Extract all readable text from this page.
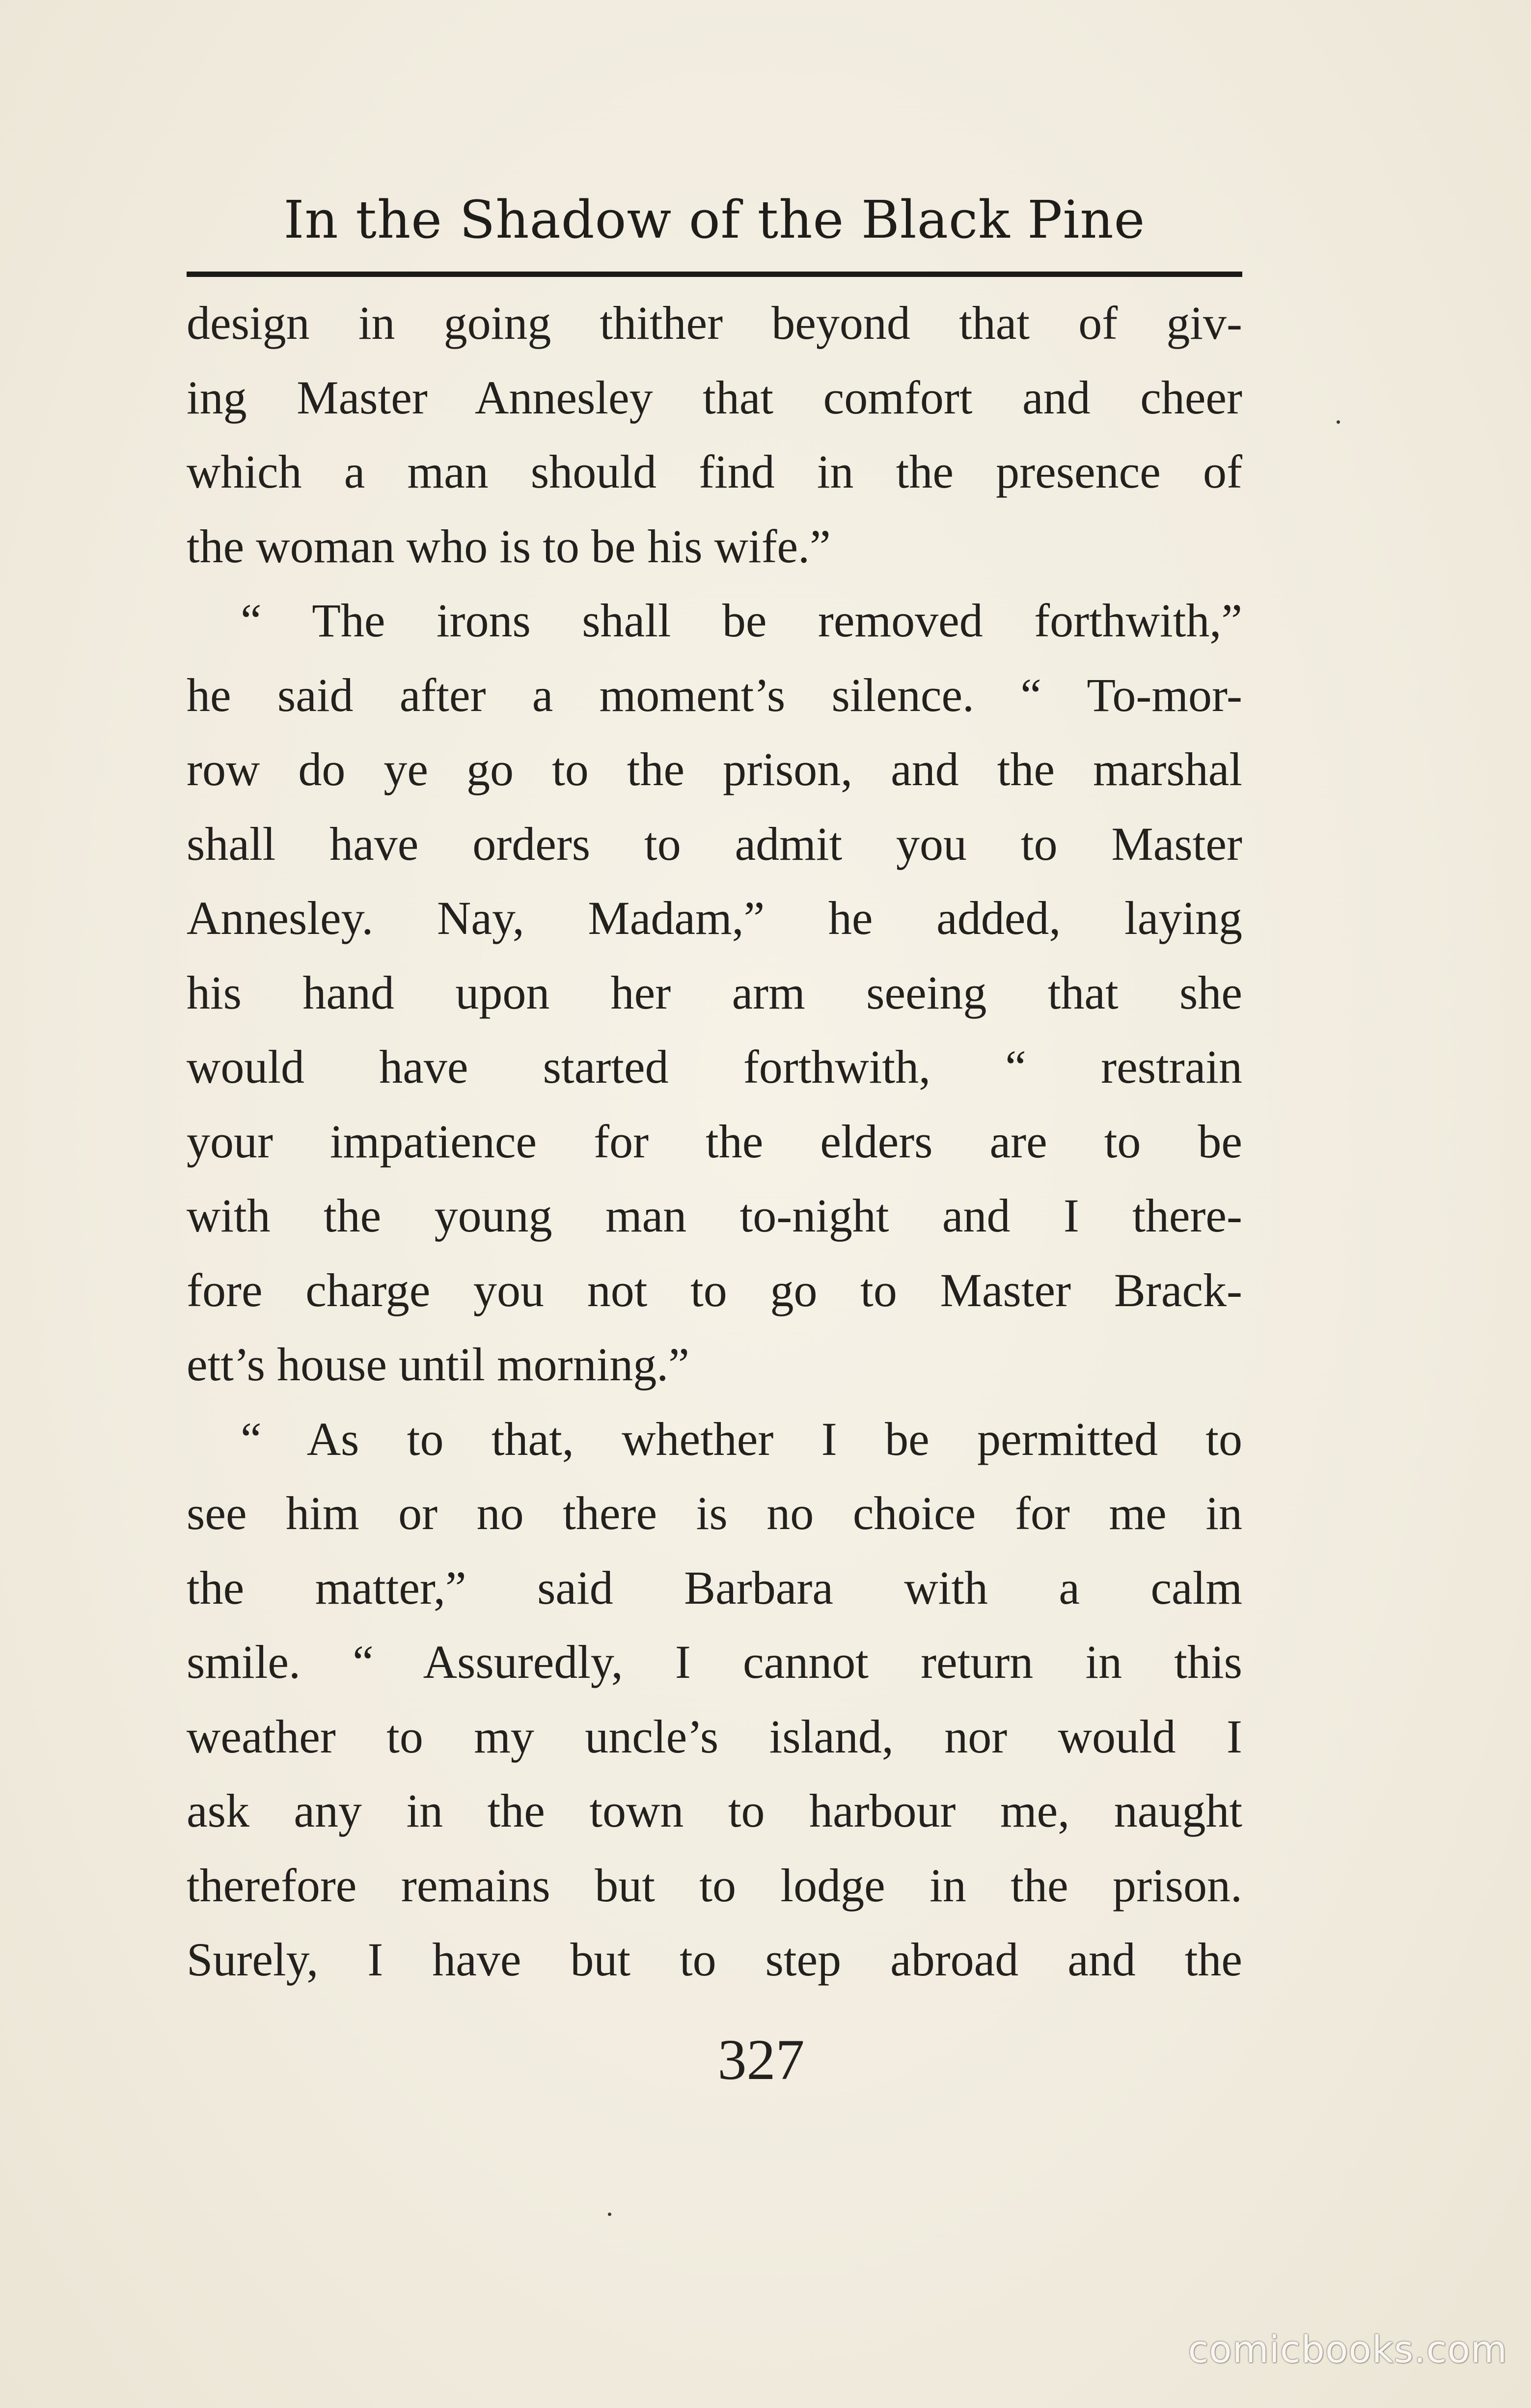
In the Shadow of the Black Pine
design in going thither beyond that of giv-
ing Master Annesley that comfort and cheer
which a man should find in the presence of
the woman who is to be his wife.”
“ The irons shall be removed forthwith,”
he said after a moment’s silence. “ To-mor-
row do ye go to the prison, and the marshal
shall have orders to admit you to Master
Annesley. Nay, Madam,” he added, laying
his hand upon her arm seeing that she
would have started forthwith, “ restrain
your impatience for the elders are to be
with the young man to-night and I there-
fore charge you not to go to Master Brack-
ett’s house until morning.”
“ As to that, whether I be permitted to
see him or no there is no choice for me in
the matter,” said Barbara with a calm
smile. “ Assuredly, I cannot return in this
weather to my uncle’s island, nor would I
ask any in the town to harbour me, naught
therefore remains but to lodge in the prison.
Surely, I have but to step abroad and the

327

comicbooks.com
